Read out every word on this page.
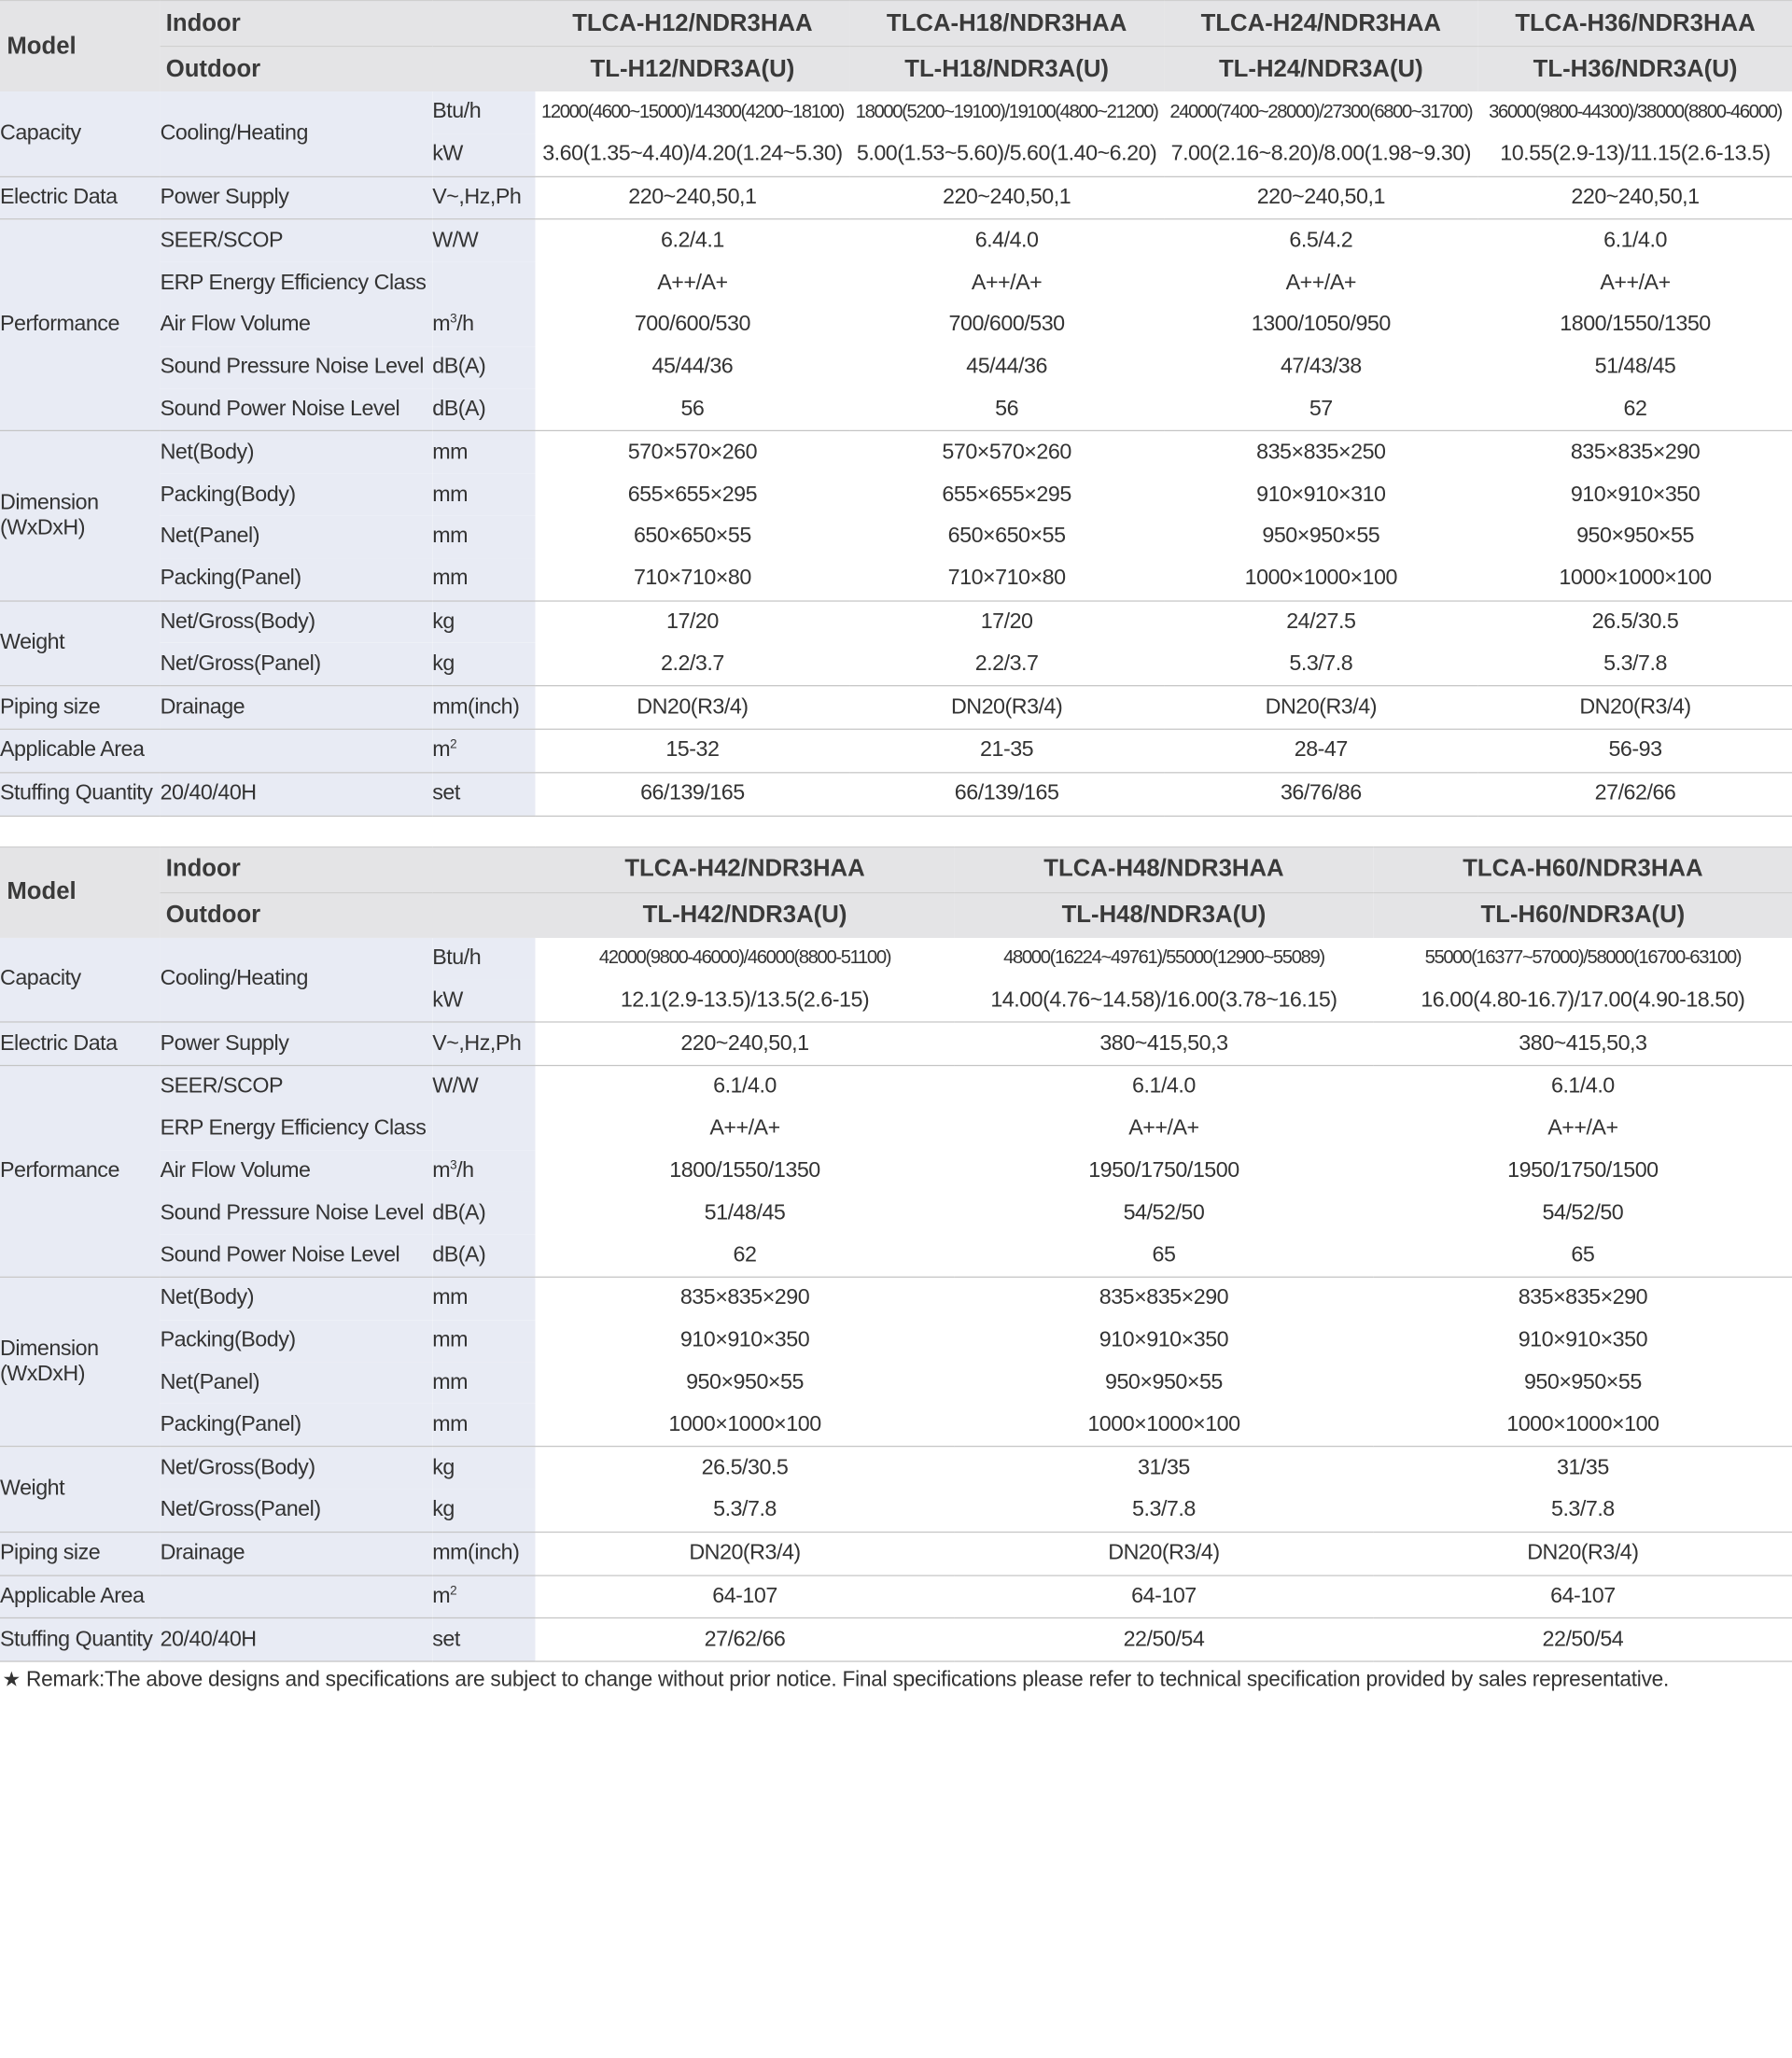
Model	Indoor		TLCA-H12/NDR3HAA	TLCA-H18/NDR3HAA	TLCA-H24/NDR3HAA	TLCA-H36/NDR3HAA
	Outdoor		TL-H12/NDR3A(U)	TL-H18/NDR3A(U)	TL-H24/NDR3A(U)	TL-H36/NDR3A(U)
Capacity	Cooling/Heating	Btu/h	12000(4600~15000)/14300(4200~18100)	18000(5200~19100)/19100(4800~21200)	24000(7400~28000)/27300(6800~31700)	36000(9800-44300)/38000(8800-46000)
		kW	3.60(1.35~4.40)/4.20(1.24~5.30)	5.00(1.53~5.60)/5.60(1.40~6.20)	7.00(2.16~8.20)/8.00(1.98~9.30)	10.55(2.9-13)/11.15(2.6-13.5)
Electric Data	Power Supply	V~,Hz,Ph	220~240,50,1	220~240,50,1	220~240,50,1	220~240,50,1
Performance	SEER/SCOP	W/W	6.2/4.1	6.4/4.0	6.5/4.2	6.1/4.0
	ERP Energy Efficiency Class		A++/A+	A++/A+	A++/A+	A++/A+
	Air Flow Volume	$m^3/h$	700/600/530	700/600/530	1300/1050/950	1800/1550/1350
	Sound Pressure Noise Level	dB(A)	45/44/36	45/44/36	47/43/38	51/48/45
	Sound Power Noise Level	dB(A)	56	56	57	62
Dimension
(WxDxH)	Net(Body)	mm	570×570×260	570×570×260	835×835×250	835×835×290
	Packing(Body)	mm	655×655×295	655×655×295	910×910×310	910×910×350
	Net(Panel)	mm	650×650×55	650×650×55	950×950×55	950×950×55
	Packing(Panel)	mm	710×710×80	710×710×80	1000×1000×100	1000×1000×100
Weight	Net/Gross(Body)	kg	17/20	17/20	24/27.5	26.5/30.5
	Net/Gross(Panel)	kg	2.2/3.7	2.2/3.7	5.3/7.8	5.3/7.8
Piping size	Drainage	mm(inch)	DN20(R3/4)	DN20(R3/4)	DN20(R3/4)	DN20(R3/4)
Applicable Area		$m^2$	15-32	21-35	28-47	56-93
Stuffing Quantity	20/40/40H	set	66/139/165	66/139/165	36/76/86	27/62/66
Model	Indoor		TLCA-H42/NDR3HAA	TLCA-H48/NDR3HAA	TLCA-H60/NDR3HAA
	Outdoor		TL-H42/NDR3A(U)	TL-H48/NDR3A(U)	TL-H60/NDR3A(U)
Capacity	Cooling/Heating	Btu/h	42000(9800-46000)/46000(8800-51100)	48000(16224~49761)/55000(12900~55089)	55000(16377~57000)/58000(16700-63100)
		kW	12.1(2.9-13.5)/13.5(2.6-15)	14.00(4.76~14.58)/16.00(3.78~16.15)	16.00(4.80-16.7)/17.00(4.90-18.50)
Electric Data	Power Supply	V~,Hz,Ph	220~240,50,1	380~415,50,3	380~415,50,3
Performance	SEER/SCOP	W/W	6.1/4.0	6.1/4.0	6.1/4.0
	ERP Energy Efficiency Class		A++/A+	A++/A+	A++/A+
	Air Flow Volume	$m^3/h$	1800/1550/1350	1950/1750/1500	1950/1750/1500
	Sound Pressure Noise Level	dB(A)	51/48/45	54/52/50	54/52/50
	Sound Power Noise Level	dB(A)	62	65	65
Dimension
(WxDxH)	Net(Body)	mm	835×835×290	835×835×290	835×835×290
	Packing(Body)	mm	910×910×350	910×910×350	910×910×350
	Net(Panel)	mm	950×950×55	950×950×55	950×950×55
	Packing(Panel)	mm	1000×1000×100	1000×1000×100	1000×1000×100
Weight	Net/Gross(Body)	kg	26.5/30.5	31/35	31/35
	Net/Gross(Panel)	kg	5.3/7.8	5.3/7.8	5.3/7.8
Piping size	Drainage	mm(inch)	DN20(R3/4)	DN20(R3/4)	DN20(R3/4)
Applicable Area		$m^2$	64-107	64-107	64-107
Stuffing Quantity	20/40/40H	set	27/62/66	22/50/54	22/50/54
★ Remark:The above designs and specifications are subject to change without prior notice. Final specifications please refer to technical specification provided by sales representative.
